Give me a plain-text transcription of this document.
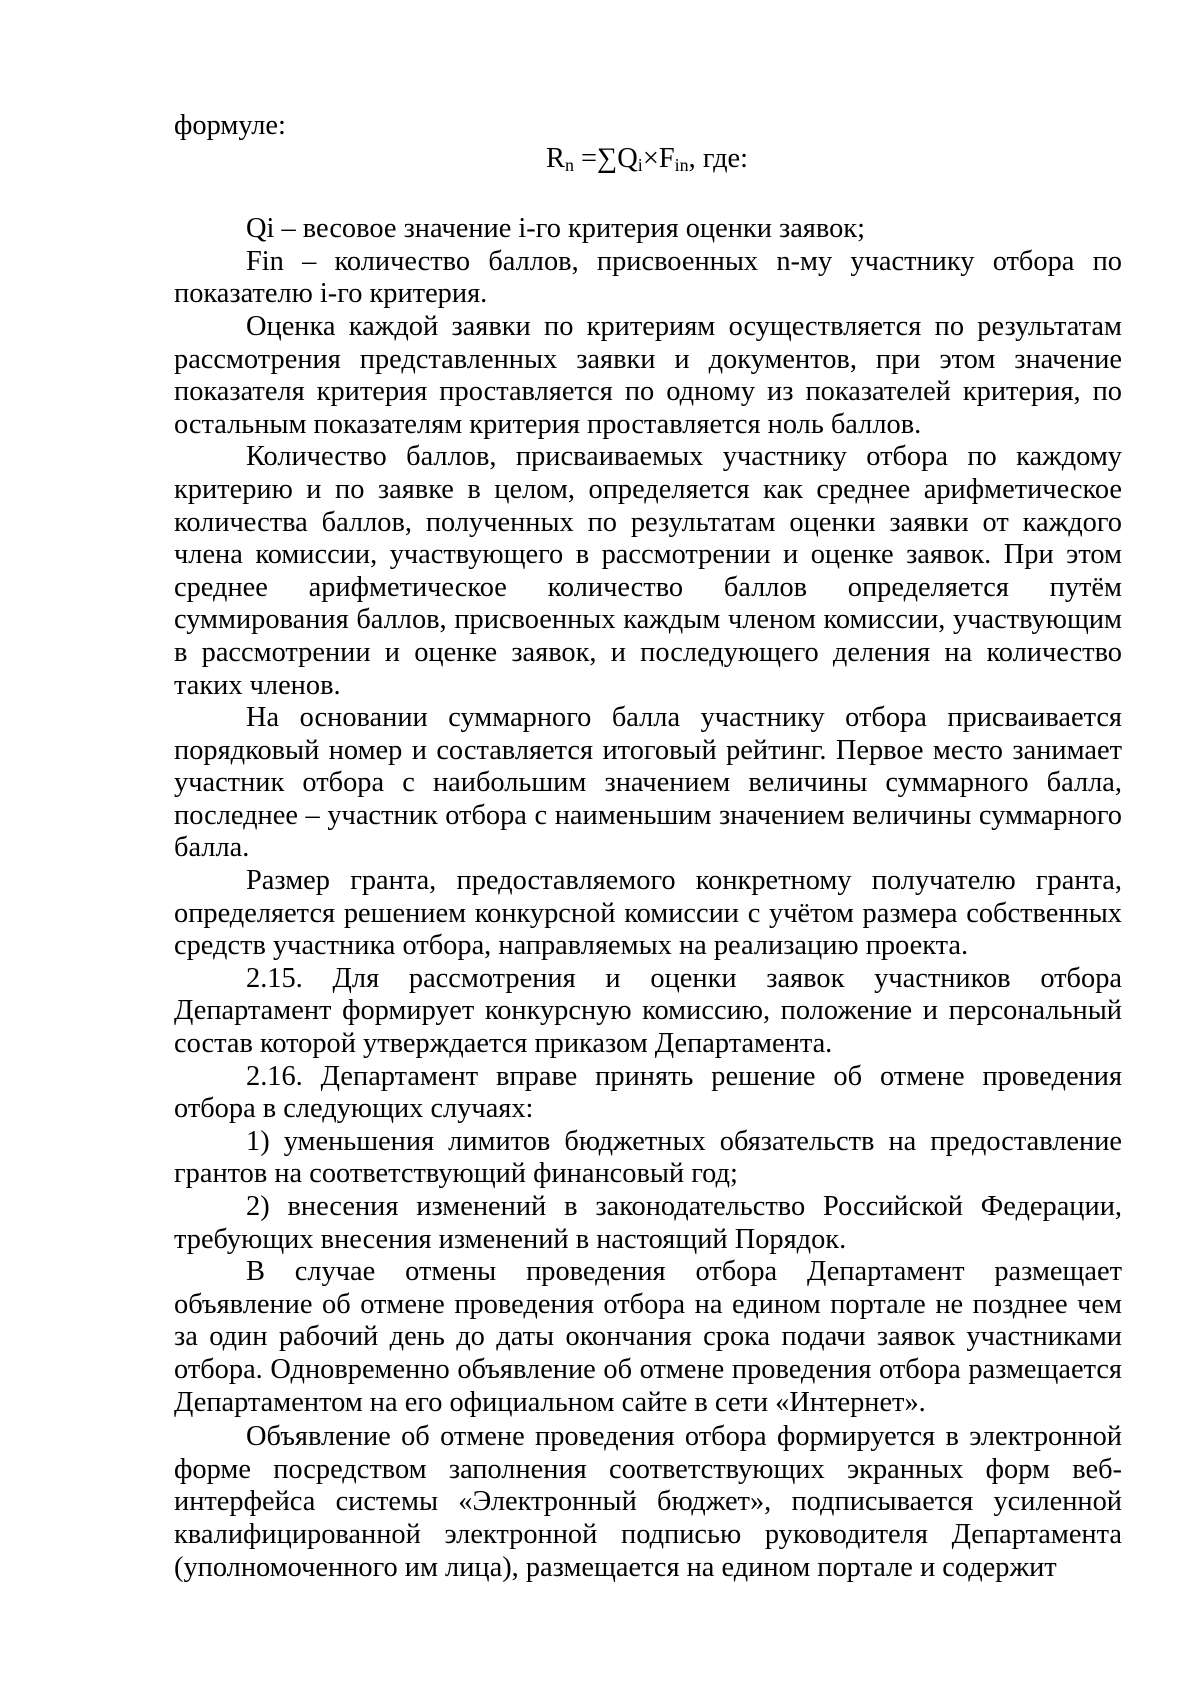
формуле:

$R_n =\sum Q_i\times F_{in}$, где:

Qi – весовое значение i-го критерия оценки заявок;

Fin – количество баллов, присвоенных n-му участнику отбора по показателю i-го критерия.

Оценка каждой заявки по критериям осуществляется по результатам рассмотрения представленных заявки и документов, при этом значение показателя критерия проставляется по одному из показателей критерия, по остальным показателям критерия проставляется ноль баллов.

Количество баллов, присваиваемых участнику отбора по каждому критерию и по заявке в целом, определяется как среднее арифметическое количества баллов, полученных по результатам оценки заявки от каждого члена комиссии, участвующего в рассмотрении и оценке заявок. При этом среднее арифметическое количество баллов определяется путём суммирования баллов, присвоенных каждым членом комиссии, участвующим в рассмотрении и оценке заявок, и последующего деления на количество таких членов.

На основании суммарного балла участнику отбора присваивается порядковый номер и составляется итоговый рейтинг. Первое место занимает участник отбора с наибольшим значением величины суммарного балла, последнее – участник отбора с наименьшим значением величины суммарного балла.

Размер гранта, предоставляемого конкретному получателю гранта, определяется решением конкурсной комиссии с учётом размера собственных средств участника отбора, направляемых на реализацию проекта.

2.15. Для рассмотрения и оценки заявок участников отбора Департамент формирует конкурсную комиссию, положение и персональный состав которой утверждается приказом Департамента.

2.16. Департамент вправе принять решение об отмене проведения отбора в следующих случаях:

1) уменьшения лимитов бюджетных обязательств на предоставление грантов на соответствующий финансовый год;

2) внесения изменений в законодательство Российской Федерации, требующих внесения изменений в настоящий Порядок.

В случае отмены проведения отбора Департамент размещает объявление об отмене проведения отбора на едином портале не позднее чем за один рабочий день до даты окончания срока подачи заявок участниками отбора. Одновременно объявление об отмене проведения отбора размещается Департаментом на его официальном сайте в сети «Интернет».

Объявление об отмене проведения отбора формируется в электронной форме посредством заполнения соответствующих экранных форм веб-интерфейса системы «Электронный бюджет», подписывается усиленной квалифицированной электронной подписью руководителя Департамента (уполномоченного им лица), размещается на едином портале и содержит
